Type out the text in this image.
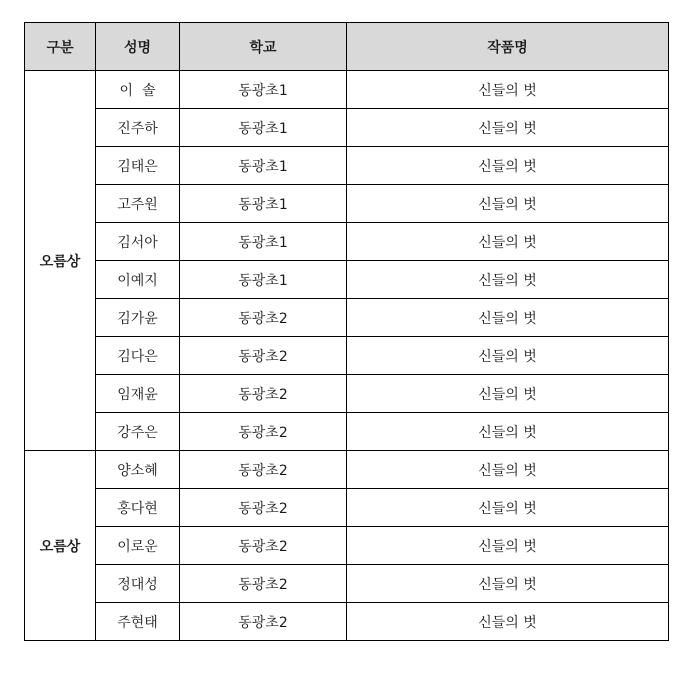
구분	성명	학교	작품명
오름상	이  솔	동광초1	신들의 벗
	진주하	동광초1	신들의 벗
	김태은	동광초1	신들의 벗
	고주원	동광초1	신들의 벗
	김서아	동광초1	신들의 벗
	이예지	동광초1	신들의 벗
	김가윤	동광초2	신들의 벗
	김다은	동광초2	신들의 벗
	임재윤	동광초2	신들의 벗
	강주은	동광초2	신들의 벗
오름상	양소혜	동광초2	신들의 벗
	홍다현	동광초2	신들의 벗
	이로운	동광초2	신들의 벗
	정대성	동광초2	신들의 벗
	주현태	동광초2	신들의 벗
